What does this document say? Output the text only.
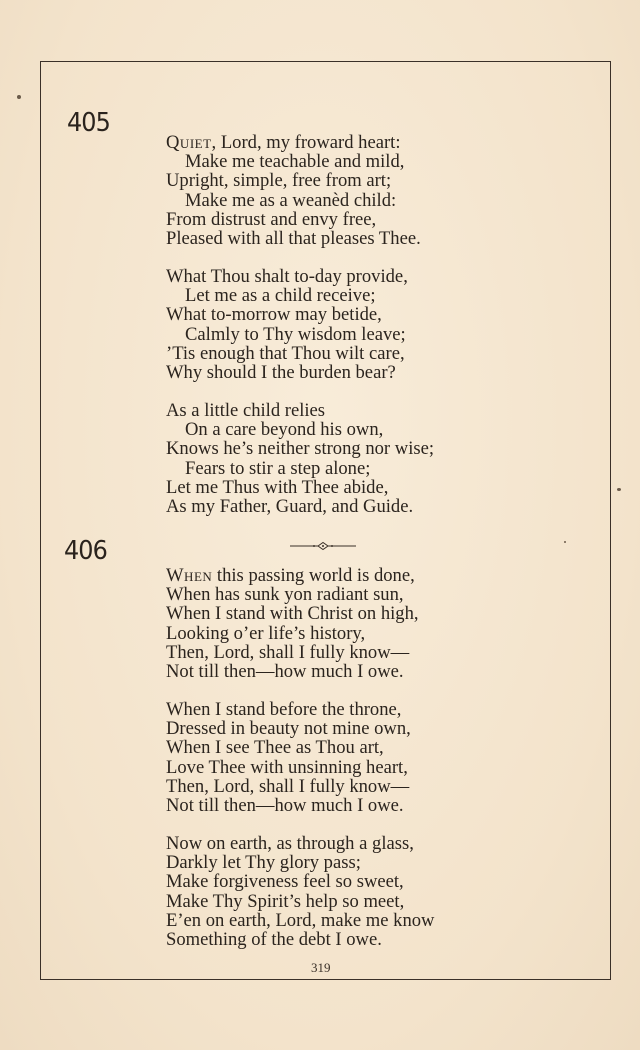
405
Quiet, Lord, my froward heart:
Make me teachable and mild,
Upright, simple, free from art;
Make me as a weanèd child:
From distrust and envy free,
Pleased with all that pleases Thee.
What Thou shalt to-day provide,
Let me as a child receive;
What to-morrow may betide,
Calmly to Thy wisdom leave;
’Tis enough that Thou wilt care,
Why should I the burden bear?
As a little child relies
On a care beyond his own,
Knows he’s neither strong nor wise;
Fears to stir a step alone;
Let me Thus with Thee abide,
As my Father, Guard, and Guide.
406
When this passing world is done,
When has sunk yon radiant sun,
When I stand with Christ on high,
Looking o’er life’s history,
Then, Lord, shall I fully know—
Not till then—how much I owe.
When I stand before the throne,
Dressed in beauty not mine own,
When I see Thee as Thou art,
Love Thee with unsinning heart,
Then, Lord, shall I fully know—
Not till then—how much I owe.
Now on earth, as through a glass,
Darkly let Thy glory pass;
Make forgiveness feel so sweet,
Make Thy Spirit’s help so meet,
E’en on earth, Lord, make me know
Something of the debt I owe.
319
